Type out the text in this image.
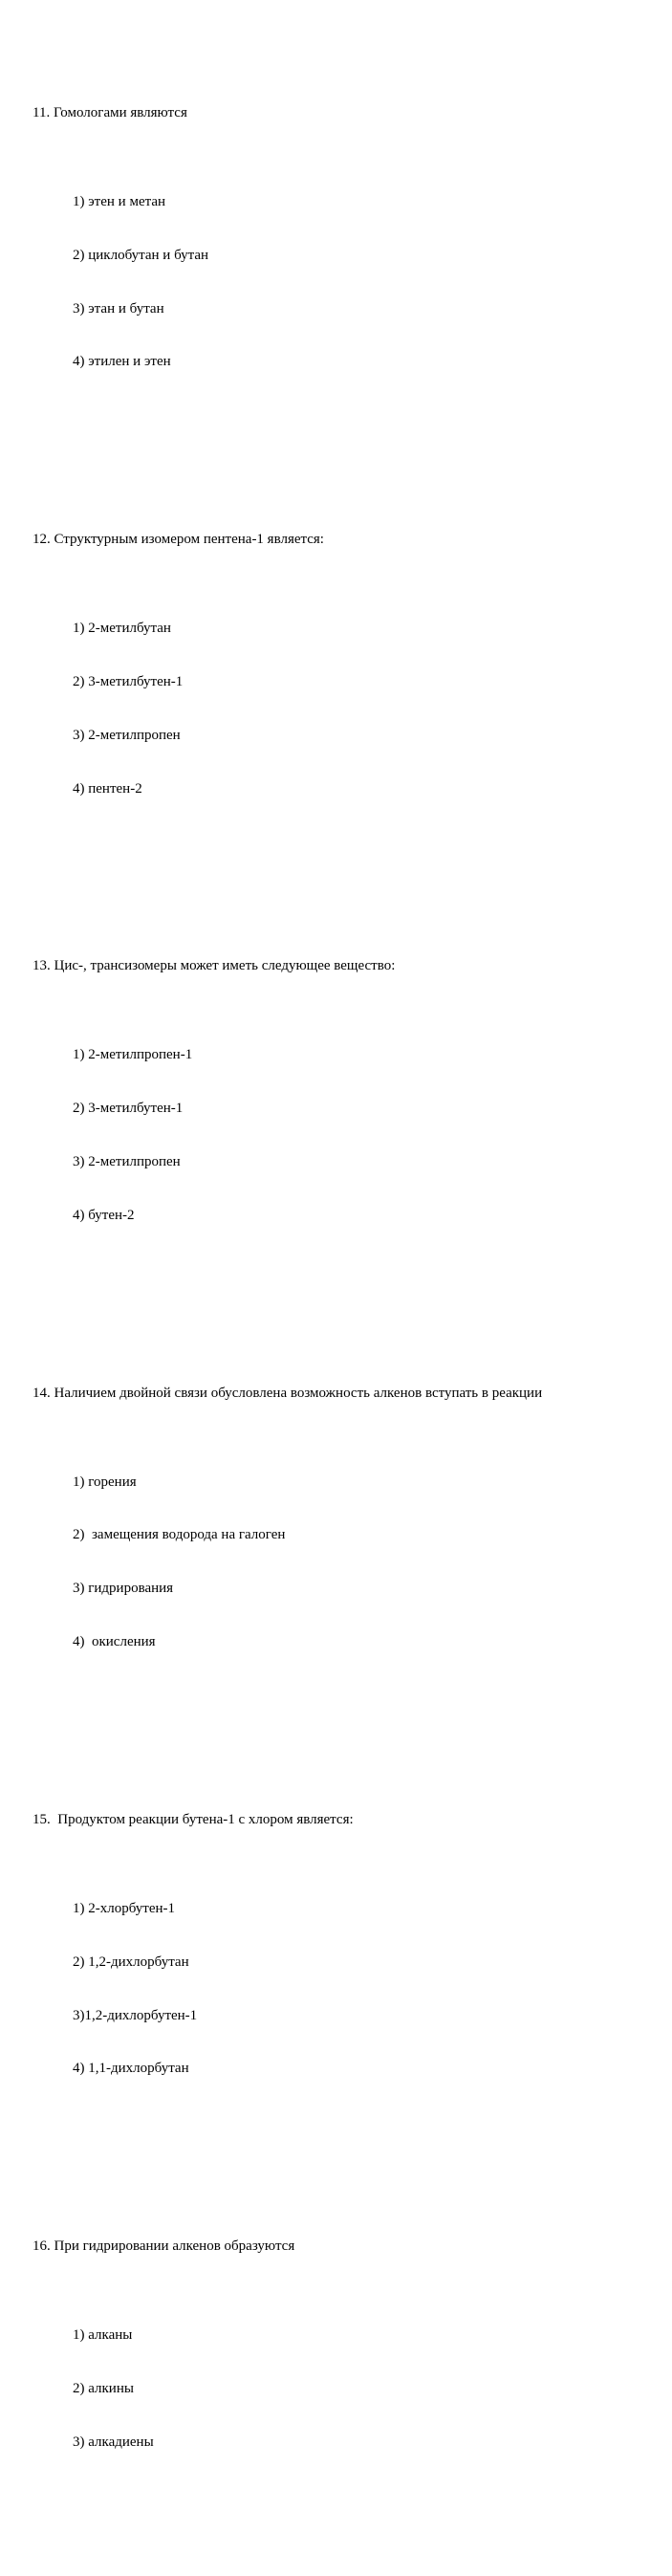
11. Гомологами являются

1) этен и метан

2) циклобутан и бутан

3) этан и бутан

4) этилен и этен

12. Структурным изомером пентена-1 является:

1) 2-метилбутан

2) 3-метилбутен-1

3) 2-метилпропен

4) пентен-2

13. Цис-, трансизомеры может иметь следующее вещество:

1) 2-метилпропен-1

2) 3-метилбутен-1

3) 2-метилпропен

4) бутен-2

14. Наличием двойной связи обусловлена возможность алкенов вступать в реакции

1) горения

2)  замещения водорода на галоген

3) гидрирования

4)  окисления

15.  Продуктом реакции бутена-1 с хлором является:

1) 2-хлорбутен-1

2) 1,2-дихлорбутан

3)1,2-дихлорбутен-1

4) 1,1-дихлорбутан

16. При гидрировании алкенов образуются

1) алканы

2) алкины

3) алкадиены
